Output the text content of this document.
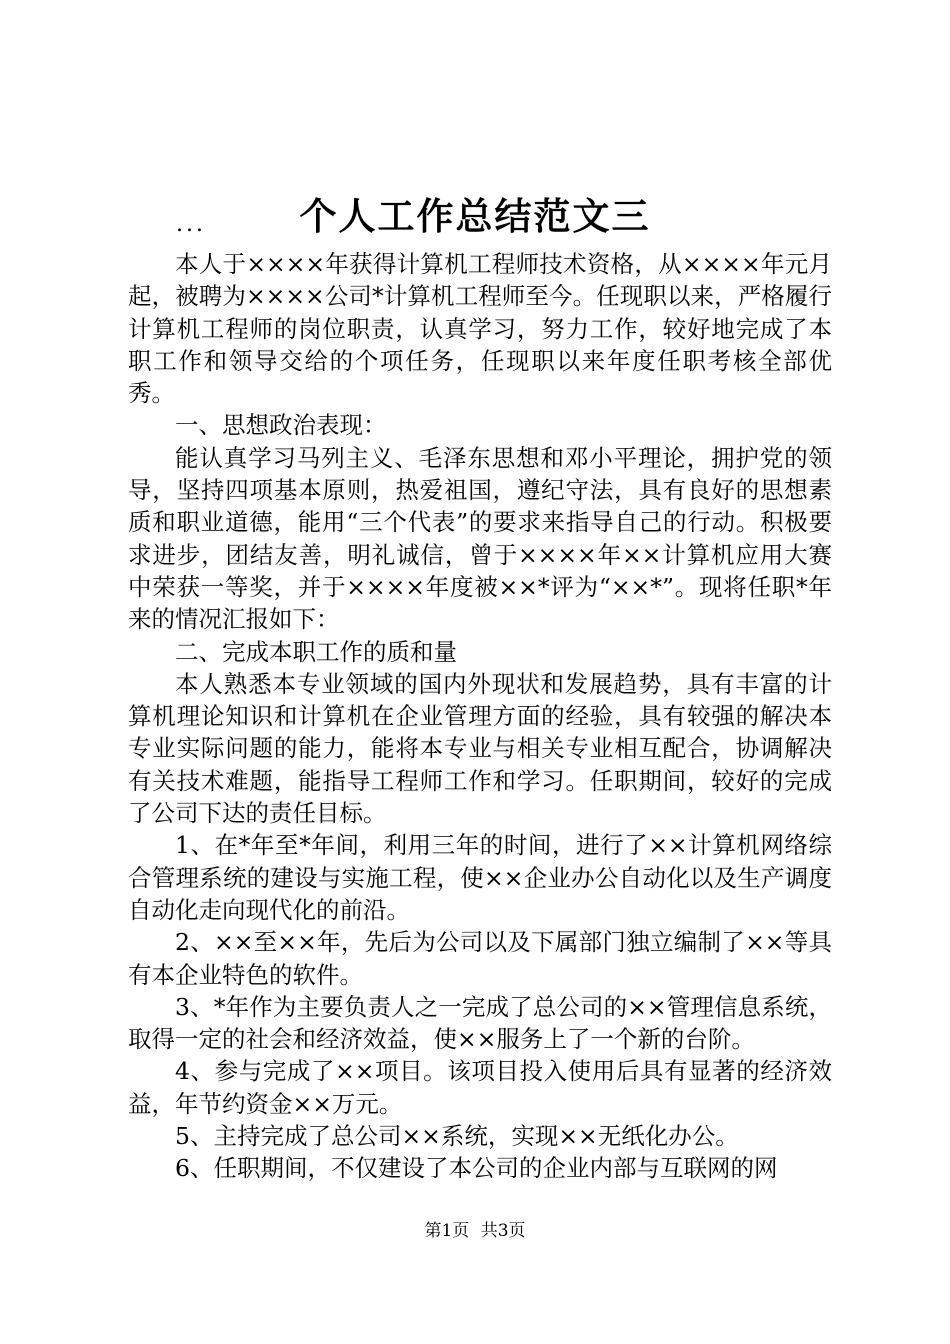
个人工作总结范文三
...

本人于××××年获得计算机工程师技术资格，从××××年元月起，被聘为××××公司*计算机工程师至今。任现职以来，严格履行计算机工程师的岗位职责，认真学习，努力工作，较好地完成了本职工作和领导交给的个项任务，任现职以来年度任职考核全部优秀。

一、思想政治表现：

能认真学习马列主义、毛泽东思想和邓小平理论，拥护党的领导，坚持四项基本原则，热爱祖国，遵纪守法，具有良好的思想素质和职业道德，能用“三个代表”的要求来指导自己的行动。积极要求进步，团结友善，明礼诚信，曾于××××年××计算机应用大赛中荣获一等奖，并于××××年度被××*评为“××*”。现将任职*年来的情况汇报如下：

二、完成本职工作的质和量

本人熟悉本专业领域的国内外现状和发展趋势，具有丰富的计算机理论知识和计算机在企业管理方面的经验，具有较强的解决本专业实际问题的能力，能将本专业与相关专业相互配合，协调解决有关技术难题，能指导工程师工作和学习。任职期间，较好的完成了公司下达的责任目标。

1、在*年至*年间，利用三年的时间，进行了××计算机网络综合管理系统的建设与实施工程，使××企业办公自动化以及生产调度自动化走向现代化的前沿。

2、××至××年，先后为公司以及下属部门独立编制了××等具有本企业特色的软件。

3、*年作为主要负责人之一完成了总公司的××管理信息系统，取得一定的社会和经济效益，使××服务上了一个新的台阶。

4、参与完成了××项目。该项目投入使用后具有显著的经济效益，年节约资金××万元。

5、主持完成了总公司××系统，实现××无纸化办公。

6、任职期间，不仅建设了本公司的企业内部与互联网的网

第1页 共3页
